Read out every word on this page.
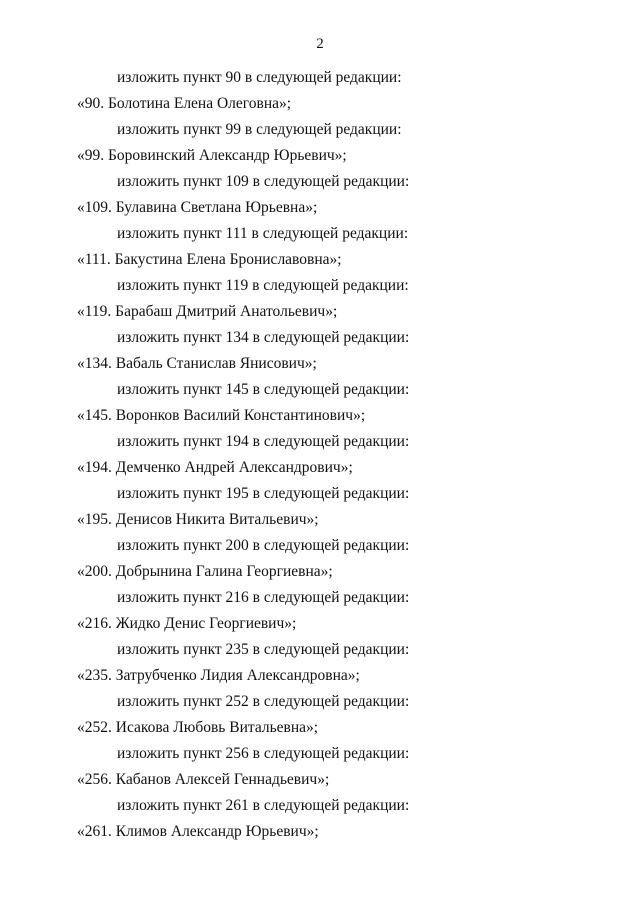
2
изложить пункт 90 в следующей редакции:
«90. Болотина Елена Олеговна»;
изложить пункт 99 в следующей редакции:
«99. Боровинский Александр Юрьевич»;
изложить пункт 109 в следующей редакции:
«109. Булавина Светлана Юрьевна»;
изложить пункт 111 в следующей редакции:
«111. Бакустина Елена Брониславовна»;
изложить пункт 119 в следующей редакции:
«119. Барабаш Дмитрий Анатольевич»;
изложить пункт 134 в следующей редакции:
«134. Вабаль Станислав Янисович»;
изложить пункт 145 в следующей редакции:
«145. Воронков Василий Константинович»;
изложить пункт 194 в следующей редакции:
«194. Демченко Андрей Александрович»;
изложить пункт 195 в следующей редакции:
«195. Денисов Никита Витальевич»;
изложить пункт 200 в следующей редакции:
«200. Добрынина Галина Георгиевна»;
изложить пункт 216 в следующей редакции:
«216. Жидко Денис Георгиевич»;
изложить пункт 235 в следующей редакции:
«235. Затрубченко Лидия Александровна»;
изложить пункт 252 в следующей редакции:
«252. Исакова Любовь Витальевна»;
изложить пункт 256 в следующей редакции:
«256. Кабанов Алексей Геннадьевич»;
изложить пункт 261 в следующей редакции:
«261. Климов Александр Юрьевич»;
